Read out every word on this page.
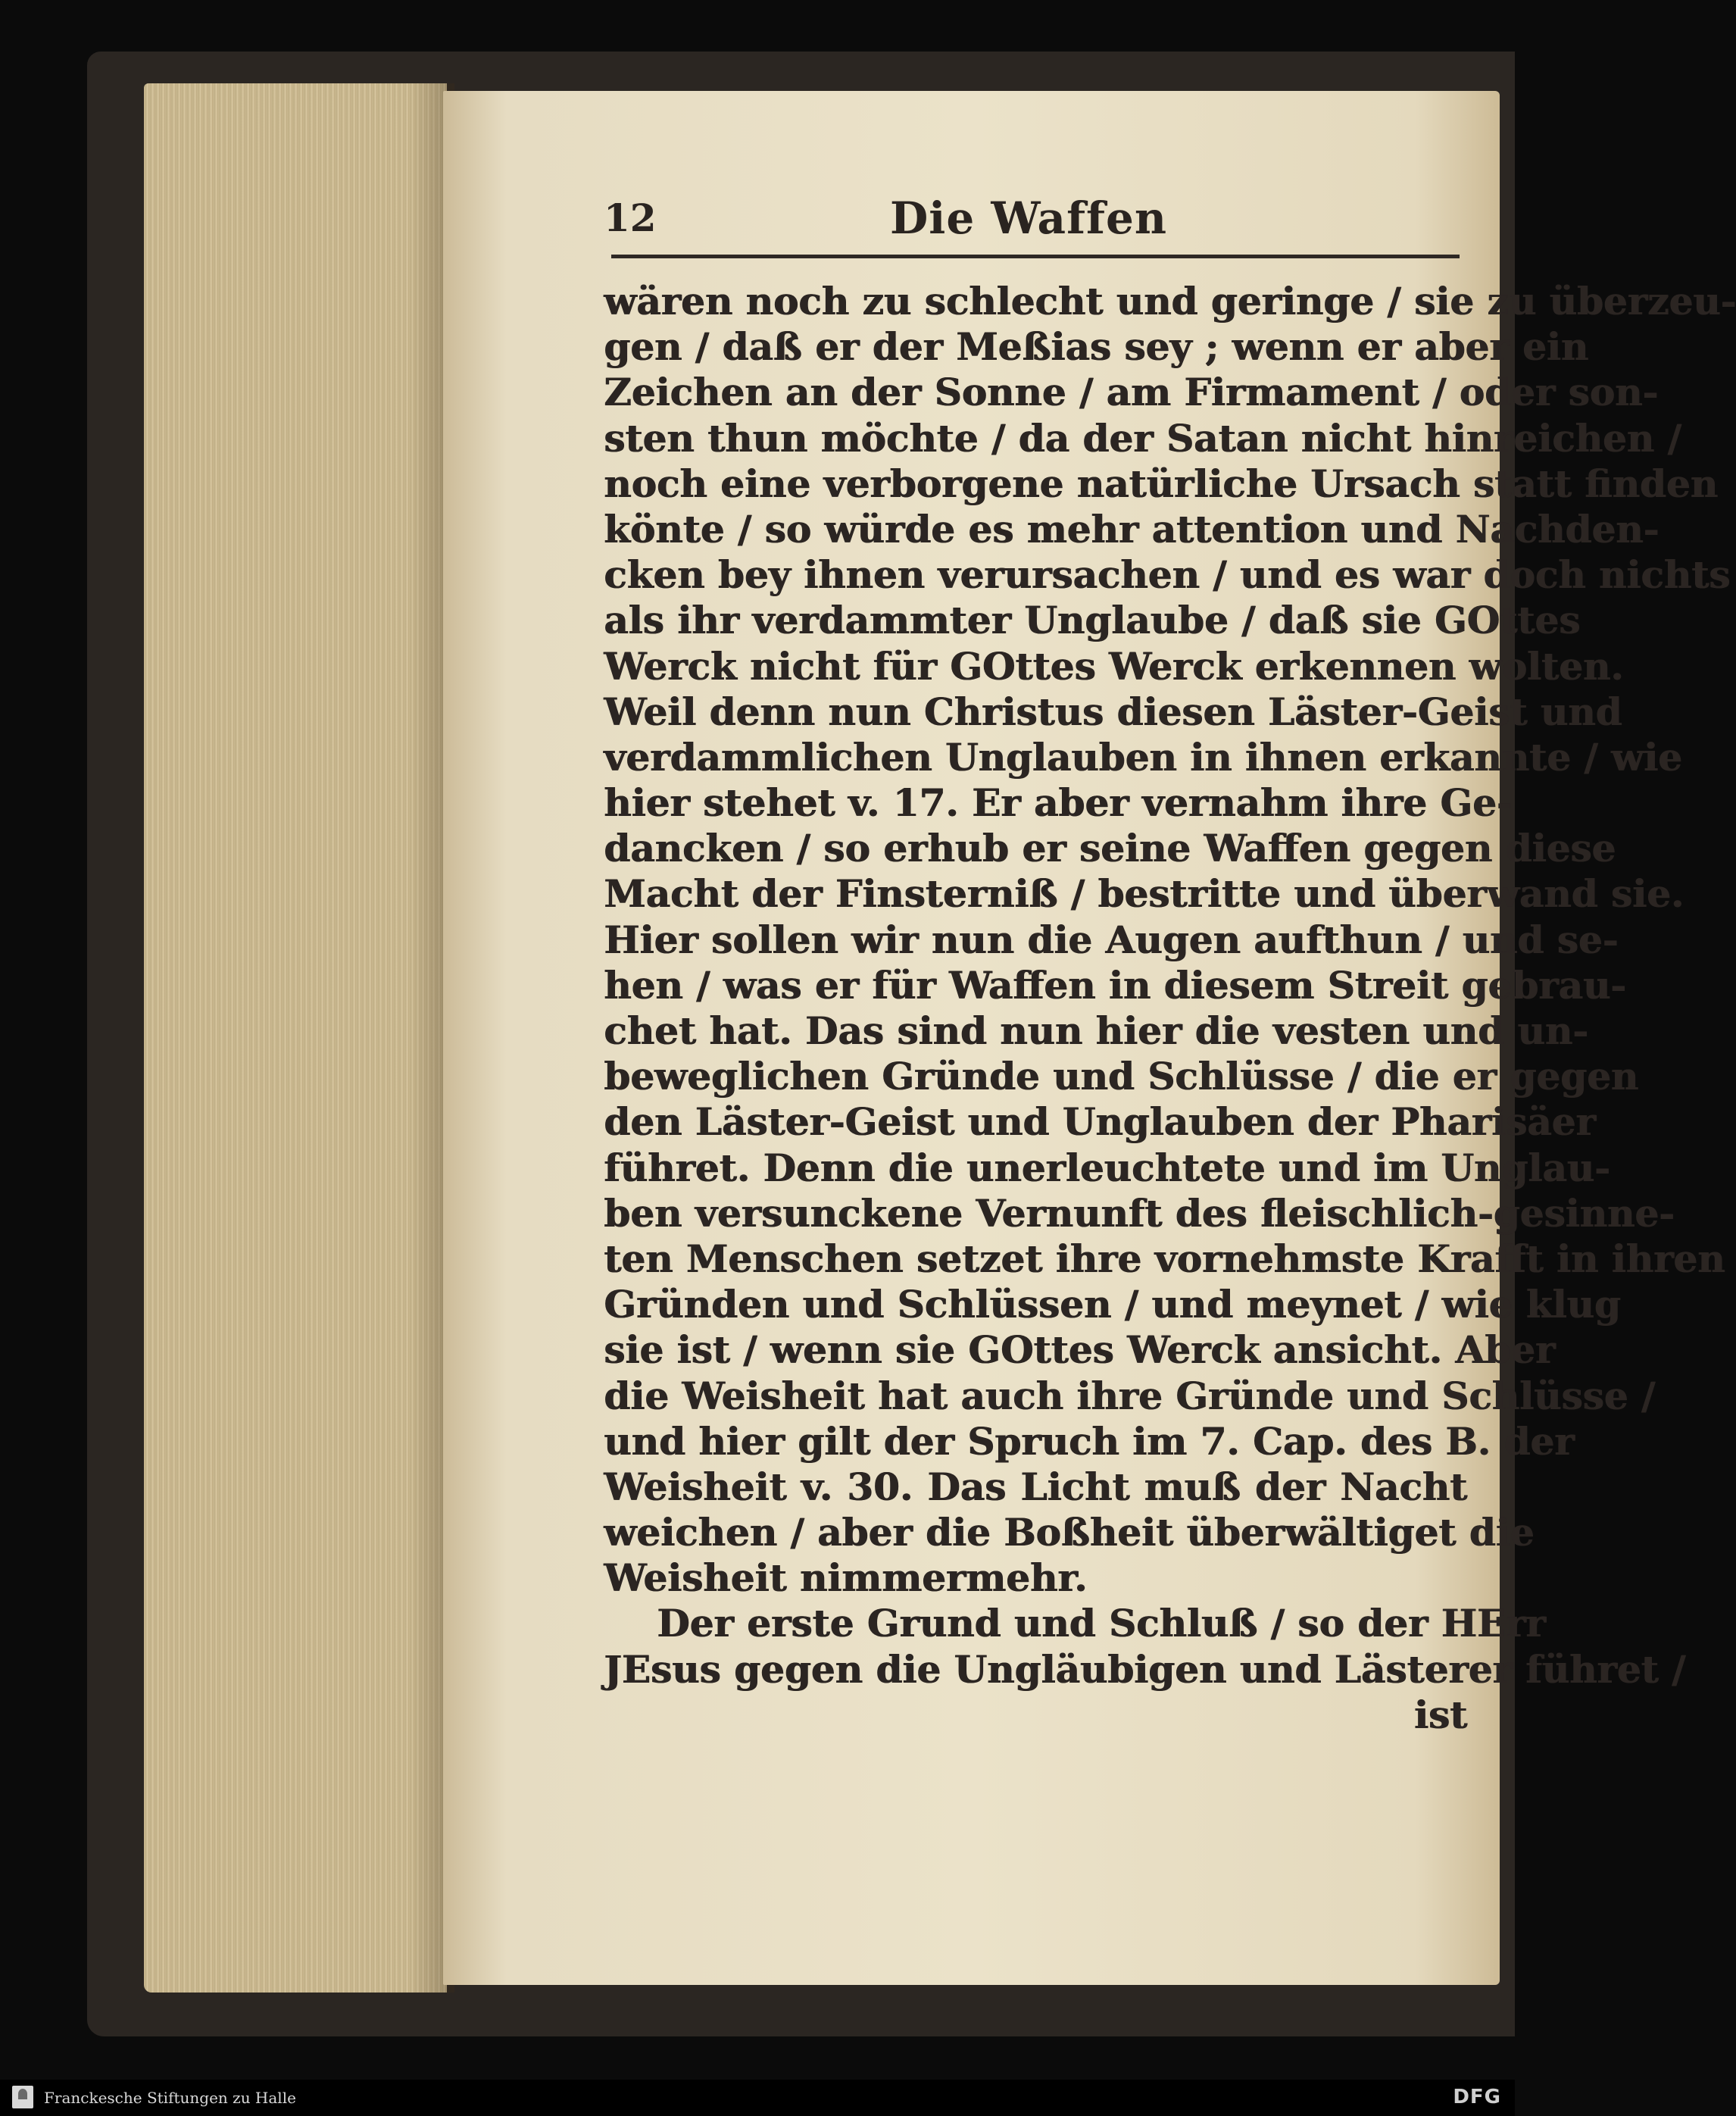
12	Die Waffen
wären noch zu schlecht und geringe / sie zu überzeu-
gen / daß er der Meßias sey ; wenn er aber ein
Zeichen an der Sonne / am Firmament / oder son-
sten thun möchte / da der Satan nicht hinreichen /
noch eine verborgene natürliche Ursach statt finden
könte / so würde es mehr attention und Nachden-
cken bey ihnen verursachen / und es war doch nichts
als ihr verdammter Unglaube / daß sie GOttes
Werck nicht für GOttes Werck erkennen wolten.
Weil denn nun Christus diesen Läster-Geist und
verdammlichen Unglauben in ihnen erkannte / wie
hier stehet v. 17. Er aber vernahm ihre Ge-
dancken / so erhub er seine Waffen gegen diese
Macht der Finsterniß / bestritte und überwand sie.
Hier sollen wir nun die Augen aufthun / und se-
hen / was er für Waffen in diesem Streit gebrau-
chet hat. Das sind nun hier die vesten und un-
beweglichen Gründe und Schlüsse / die er gegen
den Läster-Geist und Unglauben der Pharisäer
führet. Denn die unerleuchtete und im Unglau-
ben versunckene Vernunft des fleischlich-gesinne-
ten Menschen setzet ihre vornehmste Krafft in ihren
Gründen und Schlüssen / und meynet / wie klug
sie ist / wenn sie GOttes Werck ansicht. Aber
die Weisheit hat auch ihre Gründe und Schlüsse /
und hier gilt der Spruch im 7. Cap. des B. der
Weisheit v. 30. Das Licht muß der Nacht
weichen / aber die Boßheit überwältiget die
Weisheit nimmermehr.
Der erste Grund und Schluß / so der HErr
JEsus gegen die Ungläubigen und Lästerer führet /
ist
Franckesche Stiftungen zu Halle	DFG
